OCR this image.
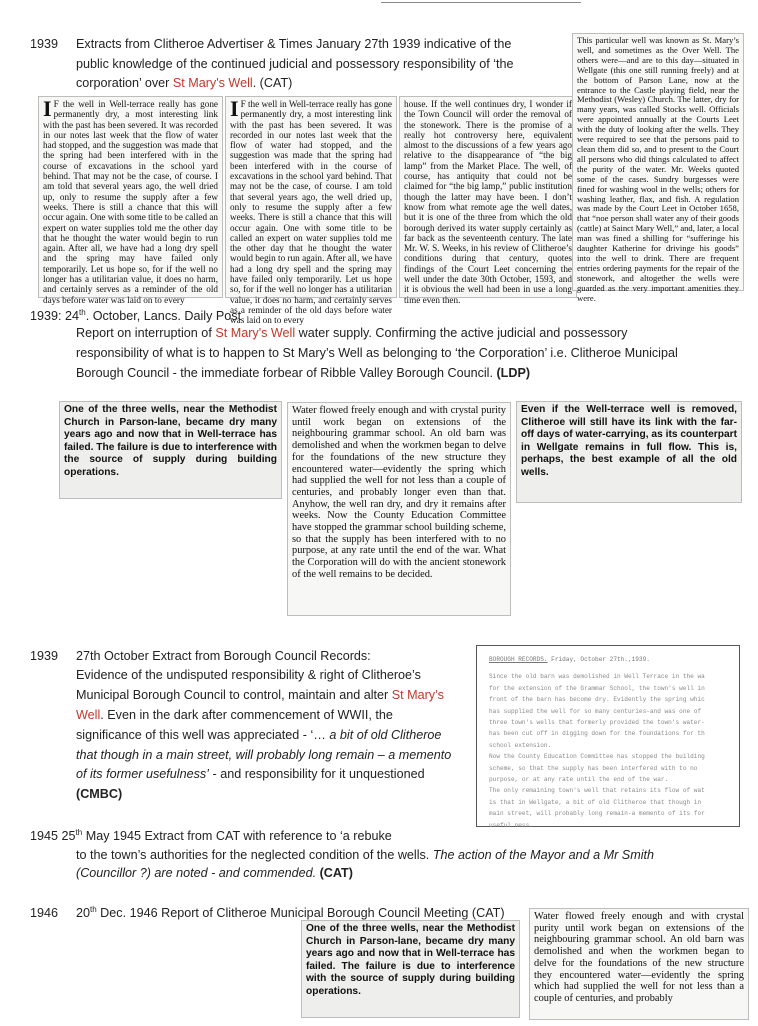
1939 Extracts from Clitheroe Advertiser & Times January 27th 1939 indicative of the
public knowledge of the continued judicial and possessory responsibility of ‘the
corporation’ over St Mary's Well. (CAT)
I F the well in Well-terrace really has gone permanently dry, a most interesting link with the past has been severed. It was recorded in our notes last week that the flow of water had stopped, and the suggestion was made that the spring had been interfered with in the course of excavations in the school yard behind. That may not be the case, of course. I am told that several years ago, the well dried up, only to resume the supply after a few weeks. There is still a chance that this will occur again. One with some title to be called an expert on water supplies told me the other day that he thought the water would begin to run again. After all, we have had a long dry spell and the spring may have failed only temporarily. Let us hope so, for if the well no longer has a utilitarian value, it does no harm, and certainly serves as a reminder of the old days before water was laid on to every
I F the well in Well-terrace really has gone permanently dry, a most interesting link with the past has been severed. It was recorded in our notes last week that the flow of water had stopped, and the suggestion was made that the spring had been interfered with in the course of excavations in the school yard behind. That may not be the case, of course. I am told that several years ago, the well dried up, only to resume the supply after a few weeks. There is still a chance that this will occur again. One with some title to be called an expert on water supplies told me the other day that he thought the water would begin to run again. After all, we have had a long dry spell and the spring may have failed only temporarily. Let us hope so, for if the well no longer has a utilitarian value, it does no harm, and certainly serves as a reminder of the old days before water was laid on to every
house. If the well continues dry, I wonder if the Town Council will order the removal of the stonework. There is the promise of a really hot controversy here, equivalent almost to the discussions of a few years ago relative to the disappearance of “the big lamp” from the Market Place. The well, of course, has antiquity that could not be claimed for “the big lamp,” public institution though the latter may have been. I don’t know from what remote age the well dates, but it is one of the three from which the old borough derived its water supply certainly as far back as the seventeenth century. The late Mr. W. S. Weeks, in his review of Clitheroe’s conditions during that century, quotes findings of the Court Leet concerning the well under the date 30th October, 1593, and it is obvious the well had been in use a long time even then.
This particular well was known as St. Mary’s well, and sometimes as the Over Well. The others were—and are to this day—situated in Wellgate (this one still running freely) and at the bottom of Parson Lane, now at the entrance to the Castle playing field, near the Methodist (Wesley) Church. The latter, dry for many years, was called Stocks well. Officials were appointed annually at the Courts Leet with the duty of looking after the wells. They were required to see that the persons paid to clean them did so, and to present to the Court all persons who did things calculated to affect the purity of the water. Mr. Weeks quoted some of the cases. Sundry burgesses were fined for washing wool in the wells; others for washing leather, flax, and fish. A regulation was made by the Court Leet in October 1658, that “noe person shall water any of their goods (cattle) at Sainct Mary Well,” and, later, a local man was fined a shilling for “sufferinge his daughter Katherine for drivinge his goods” into the well to drink. There are frequent entries ordering payments for the repair of the stonework, and altogether the wells were guarded as the very important amenities they were.
1939: 24th. October, Lancs. Daily Post
Report on interruption of St Mary's Well water supply. Confirming the active judicial and possessory
responsibility of what is to happen to St Mary’s Well as belonging to ‘the Corporation’ i.e. Clitheroe Municipal
Borough Council - the immediate forbear of Ribble Valley Borough Council. (LDP)
One of the three wells, near the Methodist Church in Parson-lane, became dry many years ago and now that in Well-terrace has failed. The failure is due to interference with the source of supply during building operations.
Water flowed freely enough and with crystal purity until work began on extensions of the neighbouring grammar school. An old barn was demolished and when the workmen began to delve for the foundations of the new structure they encountered water—evidently the spring which had supplied the well for not less than a couple of centuries, and probably longer even than that. Anyhow, the well ran dry, and dry it remains after weeks. Now the County Education Committee have stopped the grammar school building scheme, so that the supply has been interfered with to no purpose, at any rate until the end of the war. What the Corporation will do with the ancient stonework of the well remains to be decided.
Even if the Well-terrace well is removed, Clitheroe will still have its link with the far-off days of water-carrying, as its counterpart in Wellgate remains in full flow. This is, perhaps, the best example of all the old wells.
1939 27th October Extract from Borough Council Records:
Evidence of the undisputed responsibility & right of Clitheroe’s
Municipal Borough Council to control, maintain and alter St Mary’s
Well. Even in the dark after commencement of WWII, the
significance of this well was appreciated - ‘… a bit of old Clitheroe
that though in a main street, will probably long remain – a memento
of its former usefulness’ - and responsibility for it unquestioned
(CMBC)
BOROUGH RECORDS. Friday, October 27th.,1939.
Since the old barn was demolished in Well Terrace in the wa
for the extension of the Grammar School, the town's well in
front of the barn has become dry. Evidently the spring whic
has supplied the well for so many centuries-and was one of
three town's wells that formerly provided the town's water-
has been cut off in digging down for the foundations for th
school extension.
Now the County Education Committee has stopped the building
scheme, so that the supply has been interfered with to no
purpose, or at any rate until the end of the war.
The only remaining town's well that retains its flow of wat
is that in Wellgate, a bit of old Clitheroe that though in
main street, will probably long remain-a memento of its for
useful ness.
1945 25th May 1945 Extract from CAT with reference to ‘a rebuke
to the town’s authorities for the neglected condition of the wells. The action of the Mayor and a Mr Smith
(Councillor ?) are noted - and commended. (CAT)
1946 20th Dec. 1946 Report of Clitheroe Municipal Borough Council Meeting (CAT)
One of the three wells, near the Methodist Church in Parson-lane, became dry many years ago and now that in Well-terrace has failed. The failure is due to interference with the source of supply during building operations.
Water flowed freely enough and with crystal purity until work began on extensions of the neighbouring grammar school. An old barn was demolished and when the workmen began to delve for the foundations of the new structure they encountered water—evidently the spring which had supplied the well for not less than a couple of centuries, and probably
